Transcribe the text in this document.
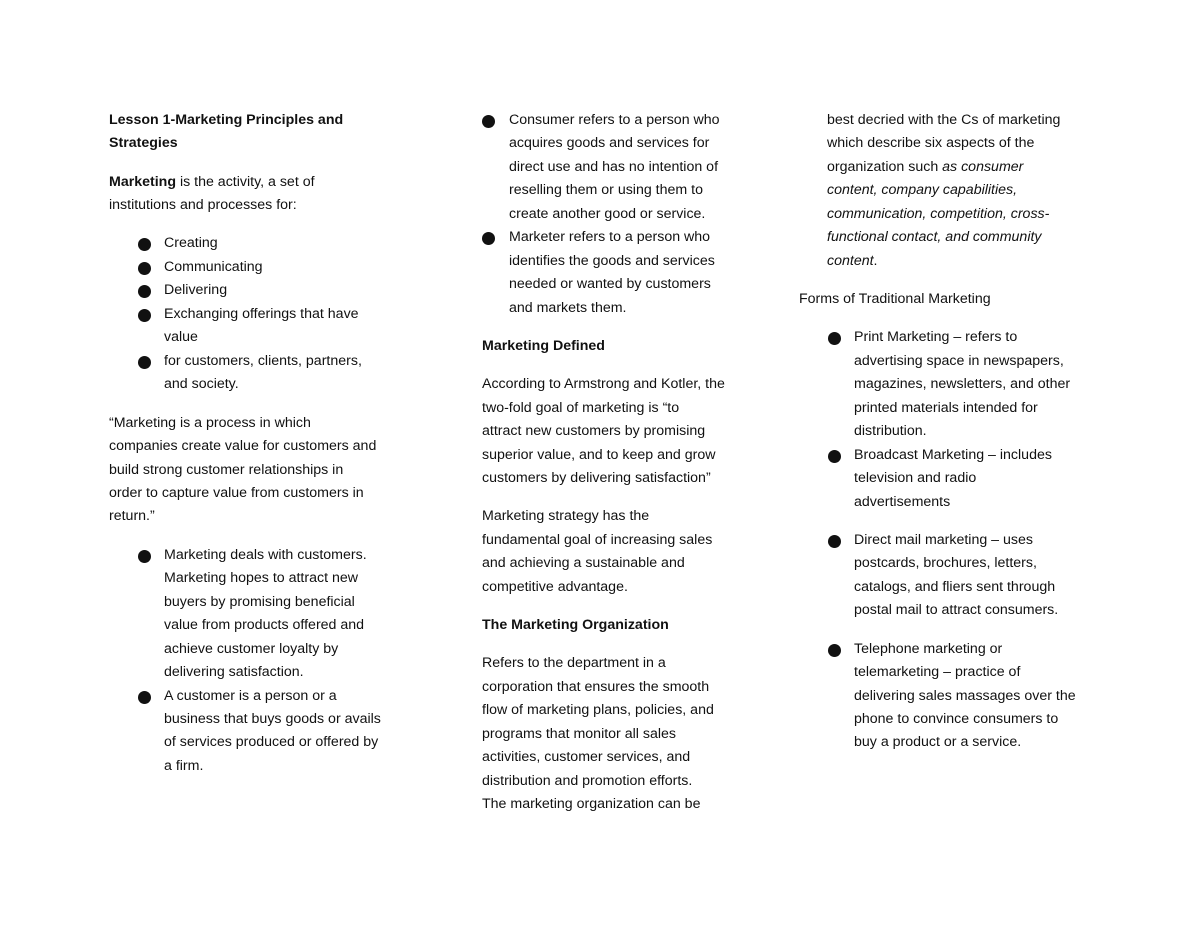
Lesson 1-Marketing Principles and
Strategies
Marketing is the activity, a set of
institutions and processes for:
Creating
Communicating
Delivering
Exchanging offerings that have
value
for customers, clients, partners,
and society.
“Marketing is a process in which
companies create value for customers and
build strong customer relationships in
order to capture value from customers in
return.”
Marketing deals with customers.
Marketing hopes to attract new
buyers by promising beneficial
value from products offered and
achieve customer loyalty by
delivering satisfaction.
A customer is a person or a
business that buys goods or avails
of services produced or offered by
a firm.
Consumer refers to a person who
acquires goods and services for
direct use and has no intention of
reselling them or using them to
create another good or service.
Marketer refers to a person who
identifies the goods and services
needed or wanted by customers
and markets them.
Marketing Defined
According to Armstrong and Kotler, the
two-fold goal of marketing is “to
attract new customers by promising
superior value, and to keep and grow
customers by delivering satisfaction”
Marketing strategy has the
fundamental goal of increasing sales
and achieving a sustainable and
competitive advantage.
The Marketing Organization
Refers to the department in a
corporation that ensures the smooth
flow of marketing plans, policies, and
programs that monitor all sales
activities, customer services, and
distribution and promotion efforts.
The marketing organization can be
best decried with the Cs of marketing
which describe six aspects of the
organization such as consumer
content, company capabilities,
communication, competition, cross-
functional contact, and community
content.
Forms of Traditional Marketing
Print Marketing – refers to
advertising space in newspapers,
magazines, newsletters, and other
printed materials intended for
distribution.
Broadcast Marketing – includes
television and radio
advertisements
Direct mail marketing – uses
postcards, brochures, letters,
catalogs, and fliers sent through
postal mail to attract consumers.
Telephone marketing or
telemarketing – practice of
delivering sales massages over the
phone to convince consumers to
buy a product or a service.
